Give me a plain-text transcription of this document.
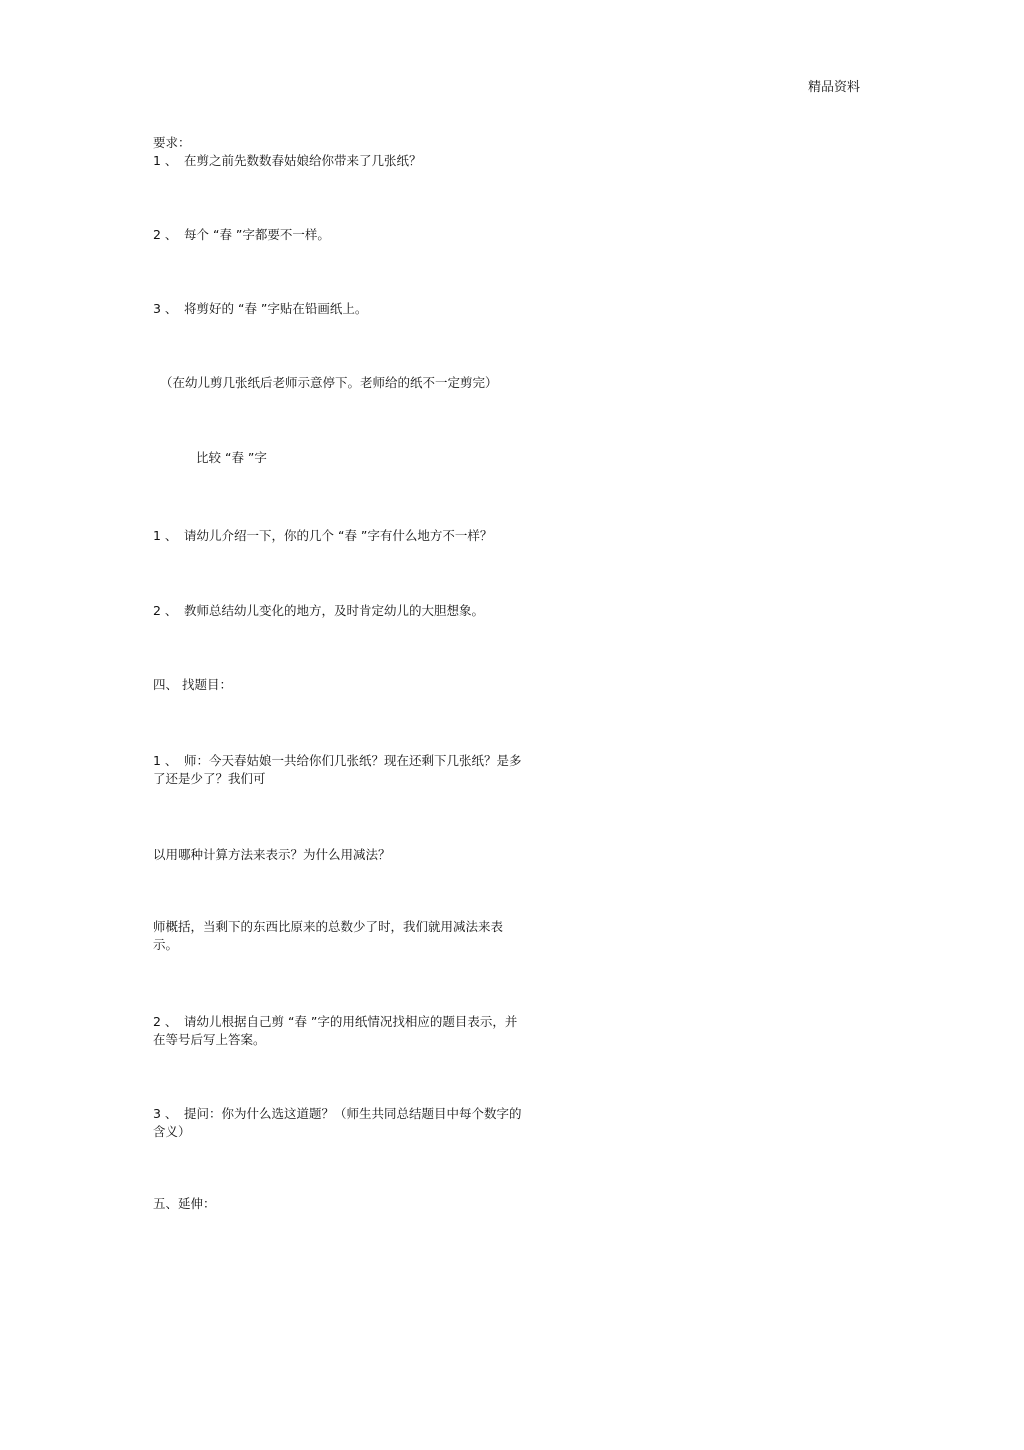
精品资料
要求：
1 、 在剪之前先数数春姑娘给你带来了几张纸？
2 、 每个 “春 ”字都要不一样。
3 、 将剪好的 “春 ”字贴在铅画纸上。
（在幼儿剪几张纸后老师示意停下。老师给的纸不一定剪完）
比较 “春 ”字
1 、 请幼儿介绍一下，你的几个 “春 ”字有什么地方不一样？
2 、 教师总结幼儿变化的地方，及时肯定幼儿的大胆想象。
四、 找题目：
1 、 师：今天春姑娘一共给你们几张纸？现在还剩下几张纸？是多了还是少了？我们可
以用哪种计算方法来表示？为什么用减法？
师概括，当剩下的东西比原来的总数少了时，我们就用减法来表示。
2 、 请幼儿根据自己剪 “春 ”字的用纸情况找相应的题目表示，并在等号后写上答案。
3 、 提问：你为什么选这道题？（师生共同总结题目中每个数字的含义）
五、延伸：
